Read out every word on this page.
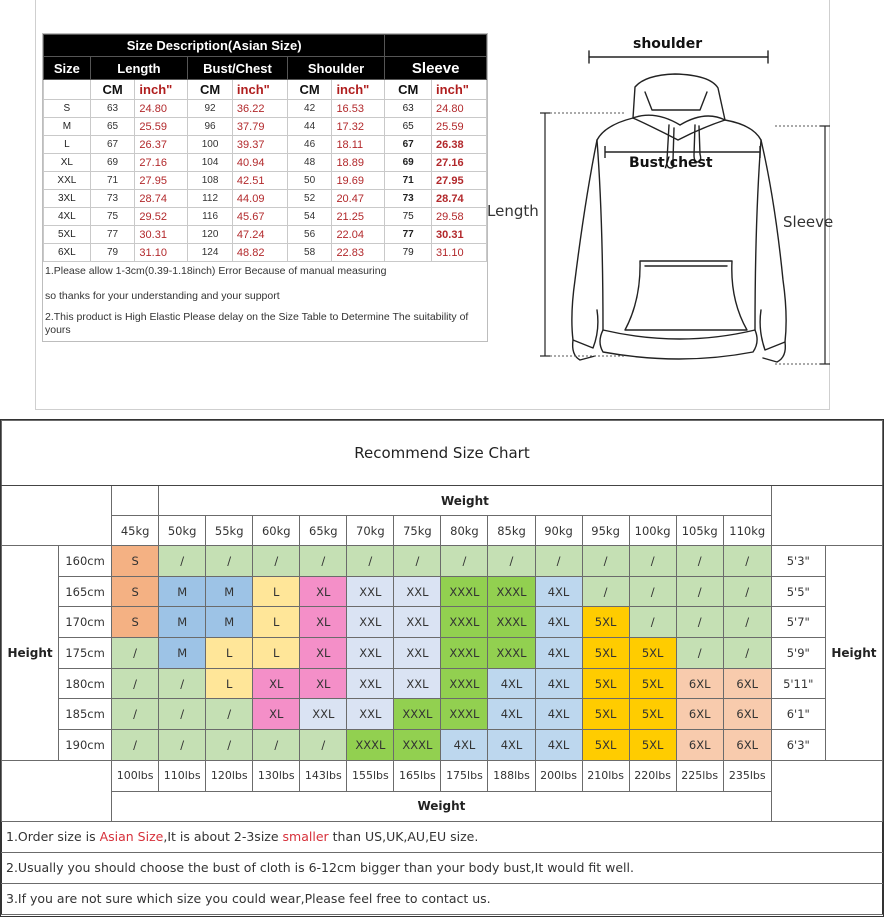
Size Description(Asian Size)								
Size	Length		Bust/Chest		Shoulder		Sleeve	
	CM	inch"	CM	inch"	CM	inch"	CM	inch"
S	63	24.80	92	36.22	42	16.53	63	24.80
M	65	25.59	96	37.79	44	17.32	65	25.59
L	67	26.37	100	39.37	46	18.11	67	26.38
XL	69	27.16	104	40.94	48	18.89	69	27.16
XXL	71	27.95	108	42.51	50	19.69	71	27.95
3XL	73	28.74	112	44.09	52	20.47	73	28.74
4XL	75	29.52	116	45.67	54	21.25	75	29.58
5XL	77	30.31	120	47.24	56	22.04	77	30.31
6XL	79	31.10	124	48.82	58	22.83	79	31.10

1.Please allow 1-3cm(0.39-1.18inch) Error Because of manual measuring

so thanks for your understanding and your support

2.This product is High Elastic Please delay on the Size Table to Determine The suitability of yours

shoulder
Bust/chest
Length
Sleeve
Recommend Size Chart																	
			Weight														
		45kg	50kg	55kg	60kg	65kg	70kg	75kg	80kg	85kg	90kg	95kg	100kg	105kg	110kg		
Height	160cm	S	/	/	/	/	/	/	/	/	/	/	/	/	/	5'3"	Height
	165cm	S	M	M	L	XL	XXL	XXL	XXXL	XXXL	4XL	/	/	/	/	5'5"	
	170cm	S	M	M	L	XL	XXL	XXL	XXXL	XXXL	4XL	5XL	/	/	/	5'7"	
	175cm	/	M	L	L	XL	XXL	XXL	XXXL	XXXL	4XL	5XL	5XL	/	/	5'9"	
	180cm	/	/	L	XL	XL	XXL	XXL	XXXL	4XL	4XL	5XL	5XL	6XL	6XL	5'11"	
	185cm	/	/	/	XL	XXL	XXL	XXXL	XXXL	4XL	4XL	5XL	5XL	6XL	6XL	6'1"	
	190cm	/	/	/	/	/	XXXL	XXXL	4XL	4XL	4XL	5XL	5XL	6XL	6XL	6'3"	
		100lbs	110lbs	120lbs	130lbs	143lbs	155lbs	165lbs	175lbs	188lbs	200lbs	210lbs	220lbs	225lbs	235lbs		
		Weight															
1.Order size is Asian Size,It is about 2-3size smaller than US,UK,AU,EU size.																	
2.Usually you should choose the bust of cloth is 6-12cm bigger than your body bust,It would fit well.																	
3.If you are not sure which size you could wear,Please feel free to contact us.																	
